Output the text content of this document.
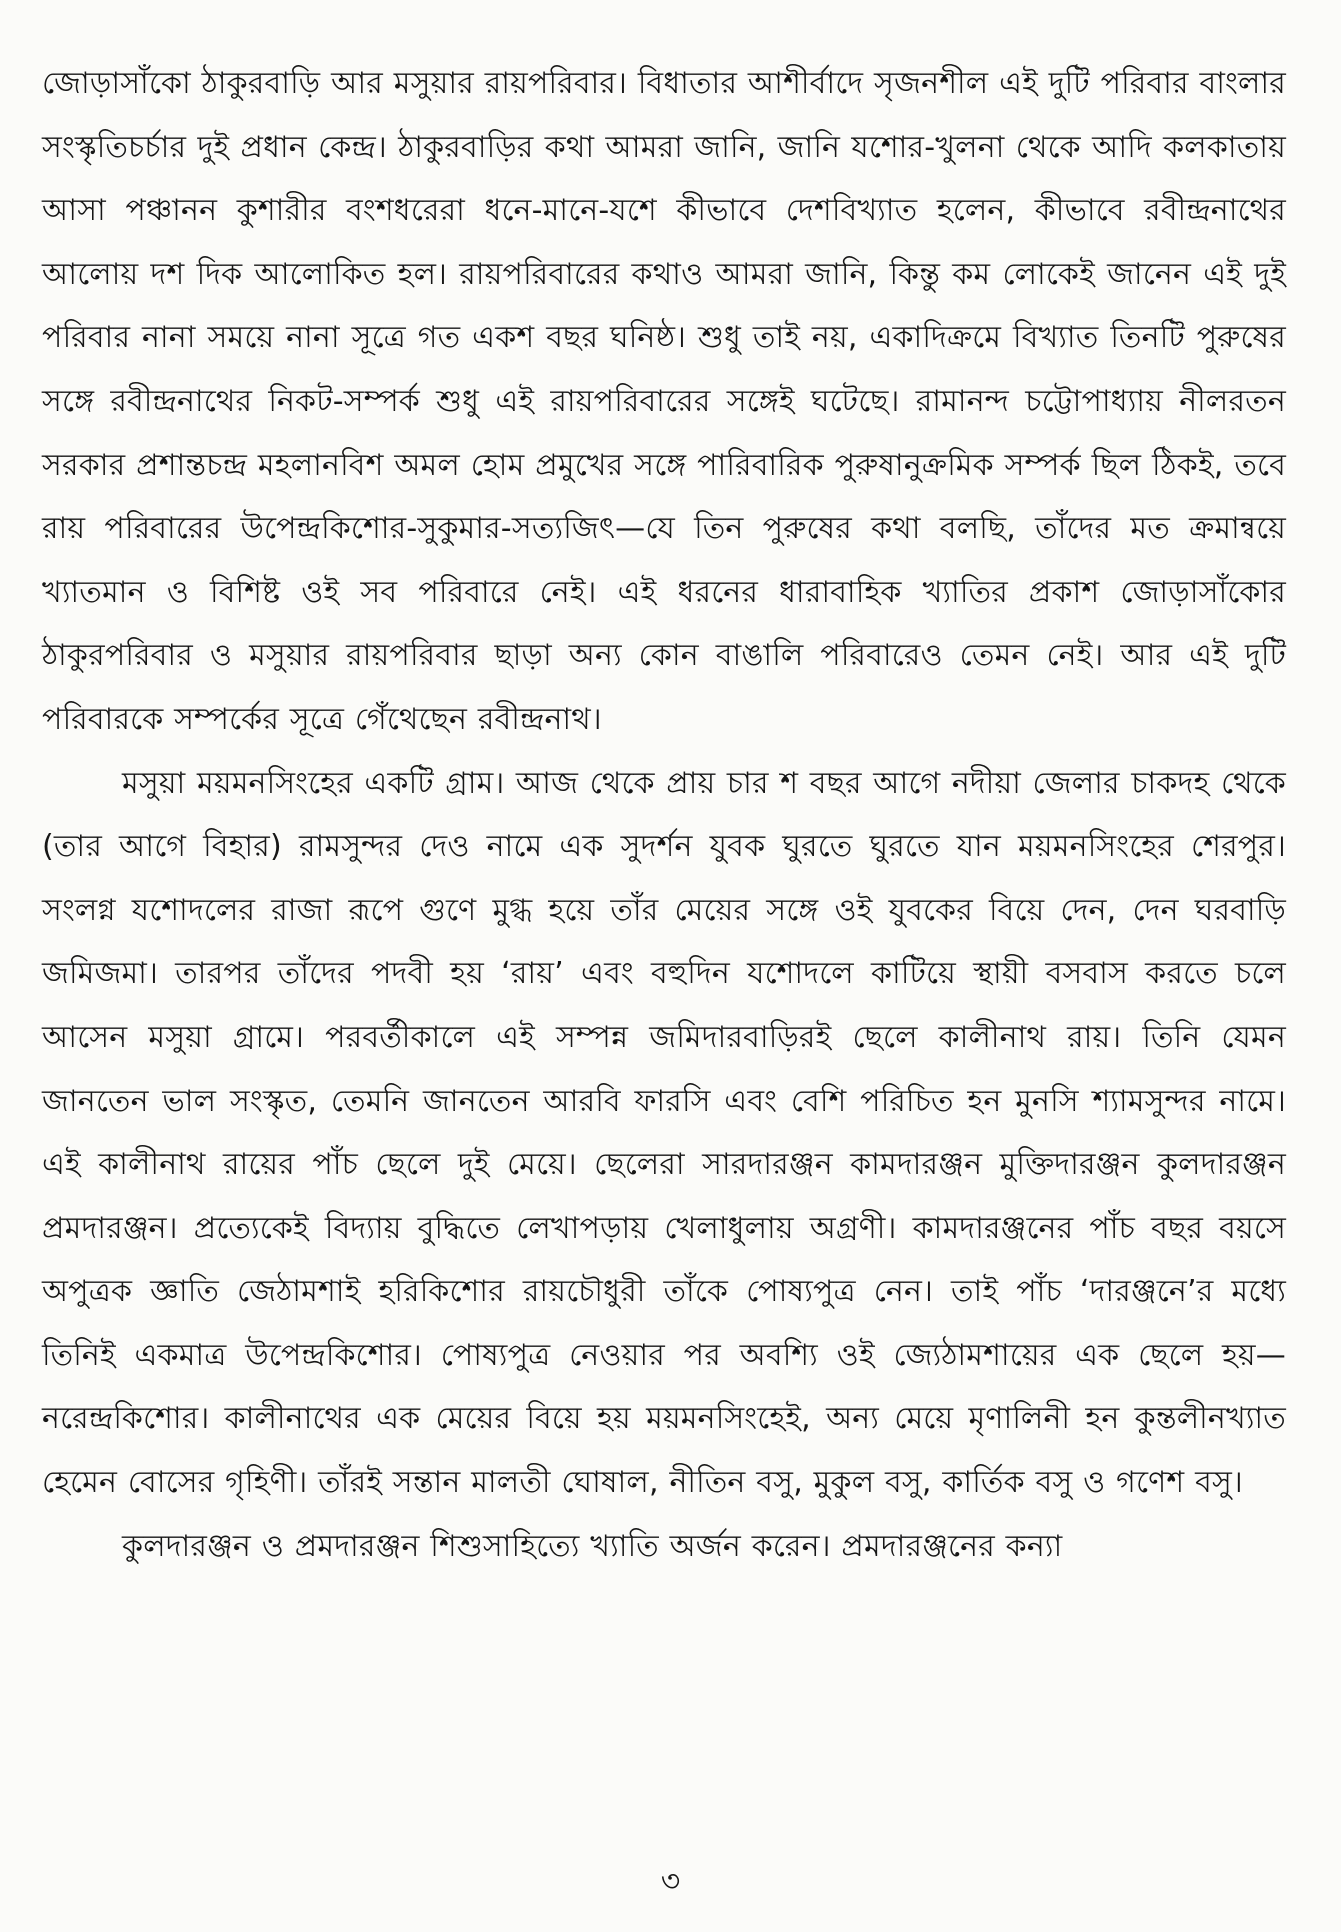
জোড়াসাঁকো ঠাকুরবাড়ি আর মসুয়ার রায়পরিবার। বিধাতার আশীর্বাদে সৃজনশীল এই দুটি পরিবার বাংলার সংস্কৃতিচর্চার দুই প্রধান কেন্দ্র। ঠাকুরবাড়ির কথা আমরা জানি, জানি যশোর-খুলনা থেকে আদি কলকাতায় আসা পঞ্চানন কুশারীর বংশধরেরা ধনে-মানে-যশে কীভাবে দেশবিখ্যাত হলেন, কীভাবে রবীন্দ্রনাথের আলোয় দশ দিক আলোকিত হল। রায়পরিবারের কথাও আমরা জানি, কিন্তু কম লোকেই জানেন এই দুই পরিবার নানা সময়ে নানা সূত্রে গত একশ বছর ঘনিষ্ঠ। শুধু তাই নয়, একাদিক্রমে বিখ্যাত তিনটি পুরুষের সঙ্গে রবীন্দ্রনাথের নিকট-সম্পর্ক শুধু এই রায়পরিবারের সঙ্গেই ঘটেছে। রামানন্দ চট্টোপাধ্যায় নীলরতন সরকার প্রশান্তচন্দ্র মহলানবিশ অমল হোম প্রমুখের সঙ্গে পারিবারিক পুরুষানুক্রমিক সম্পর্ক ছিল ঠিকই, তবে রায় পরিবারের উপেন্দ্রকিশোর-সুকুমার-সত্যজিৎ—যে তিন পুরুষের কথা বলছি, তাঁদের মত ক্রমান্বয়ে খ্যাতমান ও বিশিষ্ট ওই সব পরিবারে নেই। এই ধরনের ধারাবাহিক খ্যাতির প্রকাশ জোড়াসাঁকোর ঠাকুরপরিবার ও মসুয়ার রায়পরিবার ছাড়া অন্য কোন বাঙালি পরিবারেও তেমন নেই। আর এই দুটি পরিবারকে সম্পর্কের সূত্রে গেঁথেছেন রবীন্দ্রনাথ।

মসুয়া ময়মনসিংহের একটি গ্রাম। আজ থেকে প্রায় চার শ বছর আগে নদীয়া জেলার চাকদহ থেকে (তার আগে বিহার) রামসুন্দর দেও নামে এক সুদর্শন যুবক ঘুরতে ঘুরতে যান ময়মনসিংহের শেরপুর। সংলগ্ন যশোদলের রাজা রূপে গুণে মুগ্ধ হয়ে তাঁর মেয়ের সঙ্গে ওই যুবকের বিয়ে দেন, দেন ঘরবাড়ি জমিজমা। তারপর তাঁদের পদবী হয় ‘রায়’ এবং বহুদিন যশোদলে কাটিয়ে স্থায়ী বসবাস করতে চলে আসেন মসুয়া গ্রামে। পরবর্তীকালে এই সম্পন্ন জমিদারবাড়িরই ছেলে কালীনাথ রায়। তিনি যেমন জানতেন ভাল সংস্কৃত, তেমনি জানতেন আরবি ফারসি এবং বেশি পরিচিত হন মুনসি শ্যামসুন্দর নামে। এই কালীনাথ রায়ের পাঁচ ছেলে দুই মেয়ে। ছেলেরা সারদারঞ্জন কামদারঞ্জন মুক্তিদারঞ্জন কুলদারঞ্জন প্রমদারঞ্জন। প্রত্যেকেই বিদ্যায় বুদ্ধিতে লেখাপড়ায় খেলাধুলায় অগ্রণী। কামদারঞ্জনের পাঁচ বছর বয়সে অপুত্রক জ্ঞাতি জেঠামশাই হরিকিশোর রায়চৌধুরী তাঁকে পোষ্যপুত্র নেন। তাই পাঁচ ‘দারঞ্জনে’র মধ্যে তিনিই একমাত্র উপেন্দ্রকিশোর। পোষ্যপুত্র নেওয়ার পর অবশ্যি ওই জ্যেঠামশায়ের এক ছেলে হয়—নরেন্দ্রকিশোর। কালীনাথের এক মেয়ের বিয়ে হয় ময়মনসিংহেই, অন্য মেয়ে মৃণালিনী হন কুন্তলীনখ্যাত হেমেন বোসের গৃহিণী। তাঁরই সন্তান মালতী ঘোষাল, নীতিন বসু, মুকুল বসু, কার্তিক বসু ও গণেশ বসু।

কুলদারঞ্জন ও প্রমদারঞ্জন শিশুসাহিত্যে খ্যাতি অর্জন করেন। প্রমদারঞ্জনের কন্যা

৩
